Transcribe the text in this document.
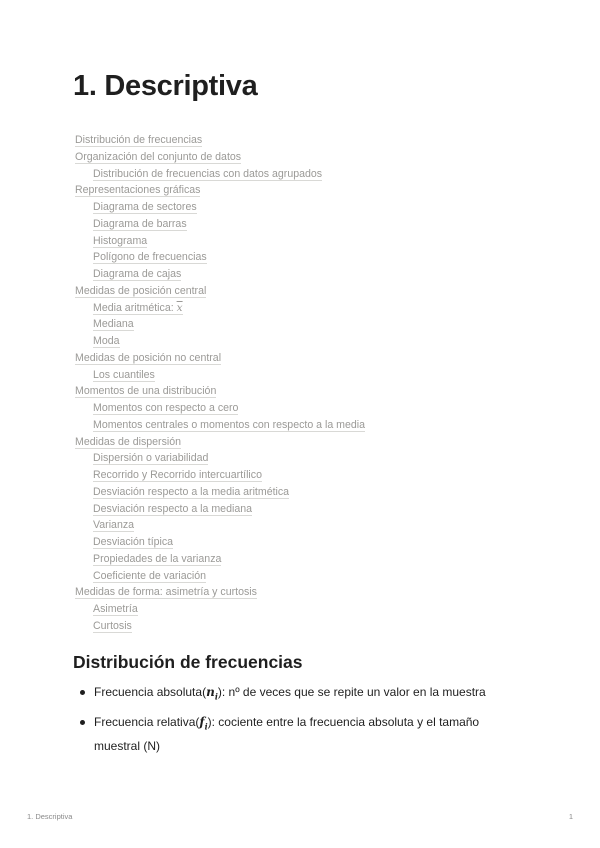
1. Descriptiva
Distribución de frecuencias
Organización del conjunto de datos
Distribución de frecuencias con datos agrupados
Representaciones gráficas
Diagrama de sectores
Diagrama de barras
Histograma
Polígono de frecuencias
Diagrama de cajas
Medidas de posición central
Media aritmética: x
Mediana
Moda
Medidas de posición no central
Los cuantiles
Momentos de una distribución
Momentos con respecto a cero
Momentos centrales o momentos con respecto a la media
Medidas de dispersión
Dispersión o variabilidad
Recorrido y Recorrido intercuartílico
Desviación respecto a la media aritmética
Desviación respecto a la mediana
Varianza
Desviación típica
Propiedades de la varianza
Coeficiente de variación
Medidas de forma: asimetría y curtosis
Asimetría
Curtosis
Distribución de frecuencias
Frecuencia $absoluta(n_i)$: nº de veces que se repite un valor en la muestra
Frecuencia $relativa(f_i)$: cociente entre la frecuencia absoluta y el tamaño muestral (N)
1. Descriptiva	1
